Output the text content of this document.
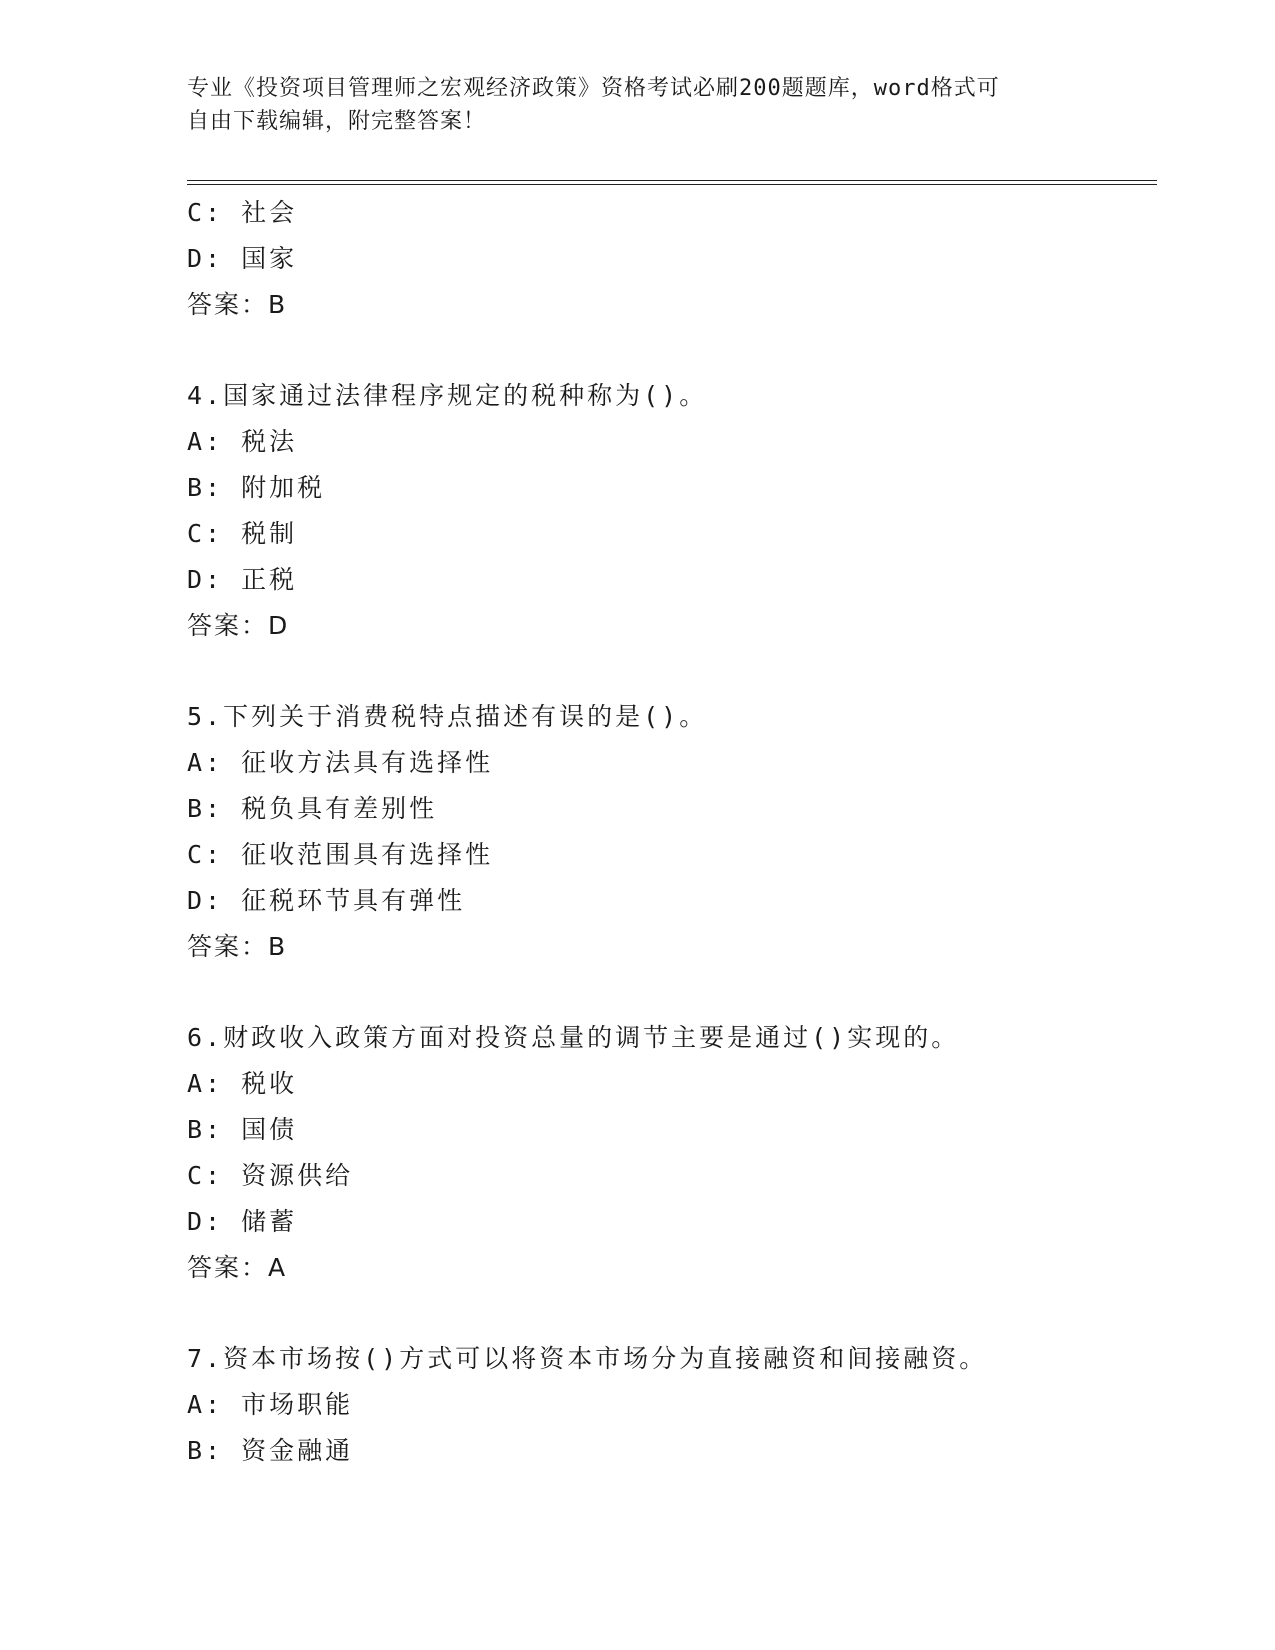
专业《投资项目管理师之宏观经济政策》资格考试必刷200题题库，word格式可
自由下载编辑，附完整答案！
C: 社会
D: 国家
答案：B
4.国家通过法律程序规定的税种称为()。
A: 税法
B: 附加税
C: 税制
D: 正税
答案：D
5.下列关于消费税特点描述有误的是()。
A: 征收方法具有选择性
B: 税负具有差别性
C: 征收范围具有选择性
D: 征税环节具有弹性
答案：B
6.财政收入政策方面对投资总量的调节主要是通过()实现的。
A: 税收
B: 国债
C: 资源供给
D: 储蓄
答案：A
7.资本市场按()方式可以将资本市场分为直接融资和间接融资。
A: 市场职能
B: 资金融通
